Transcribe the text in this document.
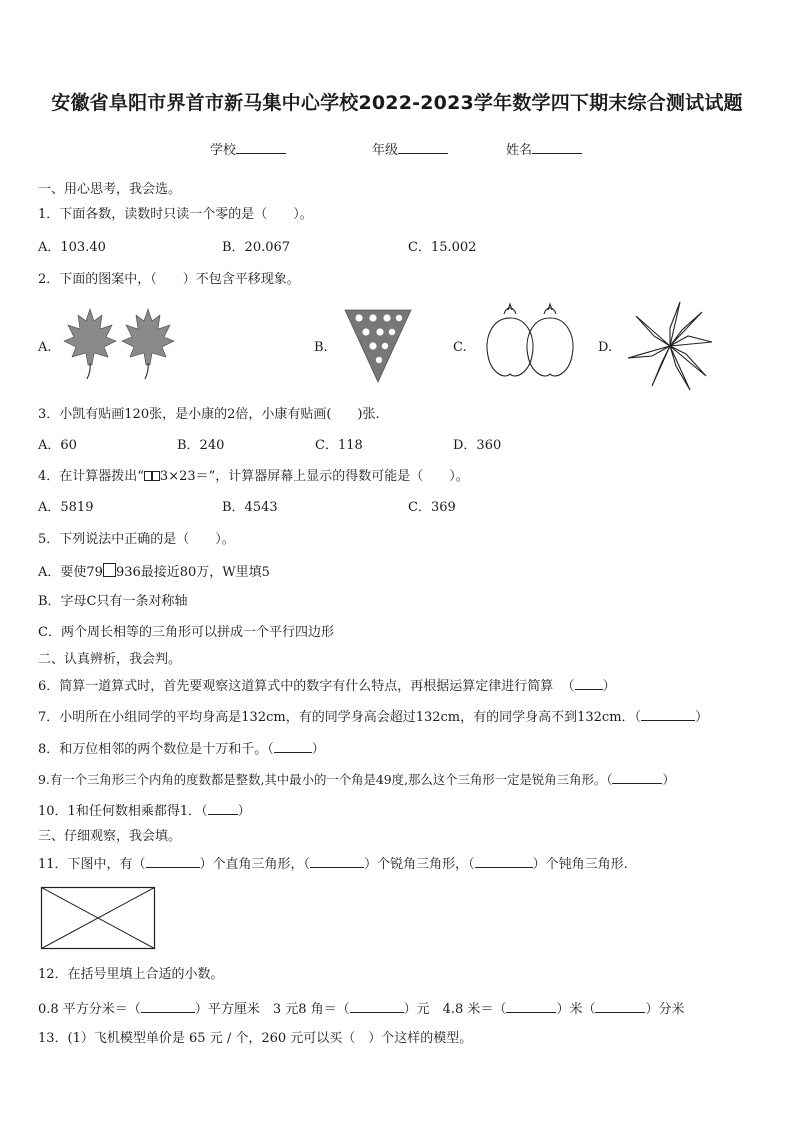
安徽省阜阳市界首市新马集中心学校2022-2023学年数学四下期末综合测试试题
学校	年级	姓名
一、用心思考，我会选。
1．下面各数，读数时只读一个零的是（　　）。
A．103.40	B．20.067	C．15.002
2．下面的图案中，（　　）不包含平移现象。
A.	B.	C.	D.
3．小凯有贴画120张，是小康的2倍，小康有贴画(　　)张.
A．60	B．240	C．118	D．360
4．在计算器拨出“ 3×23＝”，计算器屏幕上显示的得数可能是（　　）。
A．5819	B．4543	C．369
5．下列说法中正确的是（　　）。
A．要使79 936最接近80万，W里填5
B．字母C只有一条对称轴
C．两个周长相等的三角形可以拼成一个平行四边形
二、认真辨析，我会判。
6．简算一道算式时，首先要观察这道算式中的数字有什么特点，再根据运算定律进行简算 （ ）
7．小明所在小组同学的平均身高是132cm，有的同学身高会超过132cm，有的同学身高不到132cm．（	）
8．和万位相邻的两个数位是十万和千。（	）
9.有一个三角形三个内角的度数都是整数,其中最小的一个角是49度,那么这个三角形一定是锐角三角形。（	）
10．1和任何数相乘都得1．（ ）
三、仔细观察，我会填。
11．下图中，有（	）个直角三角形，（	）个锐角三角形，（	）个钝角三角形.
12．在括号里填上合适的小数。
0.8 平方分米＝（	）平方厘米　3 元8 角＝（	）元　4.8 米＝（	）米（	）分米
13．(1）飞机模型单价是 65 元 / 个，260 元可以买（　）个这样的模型。
